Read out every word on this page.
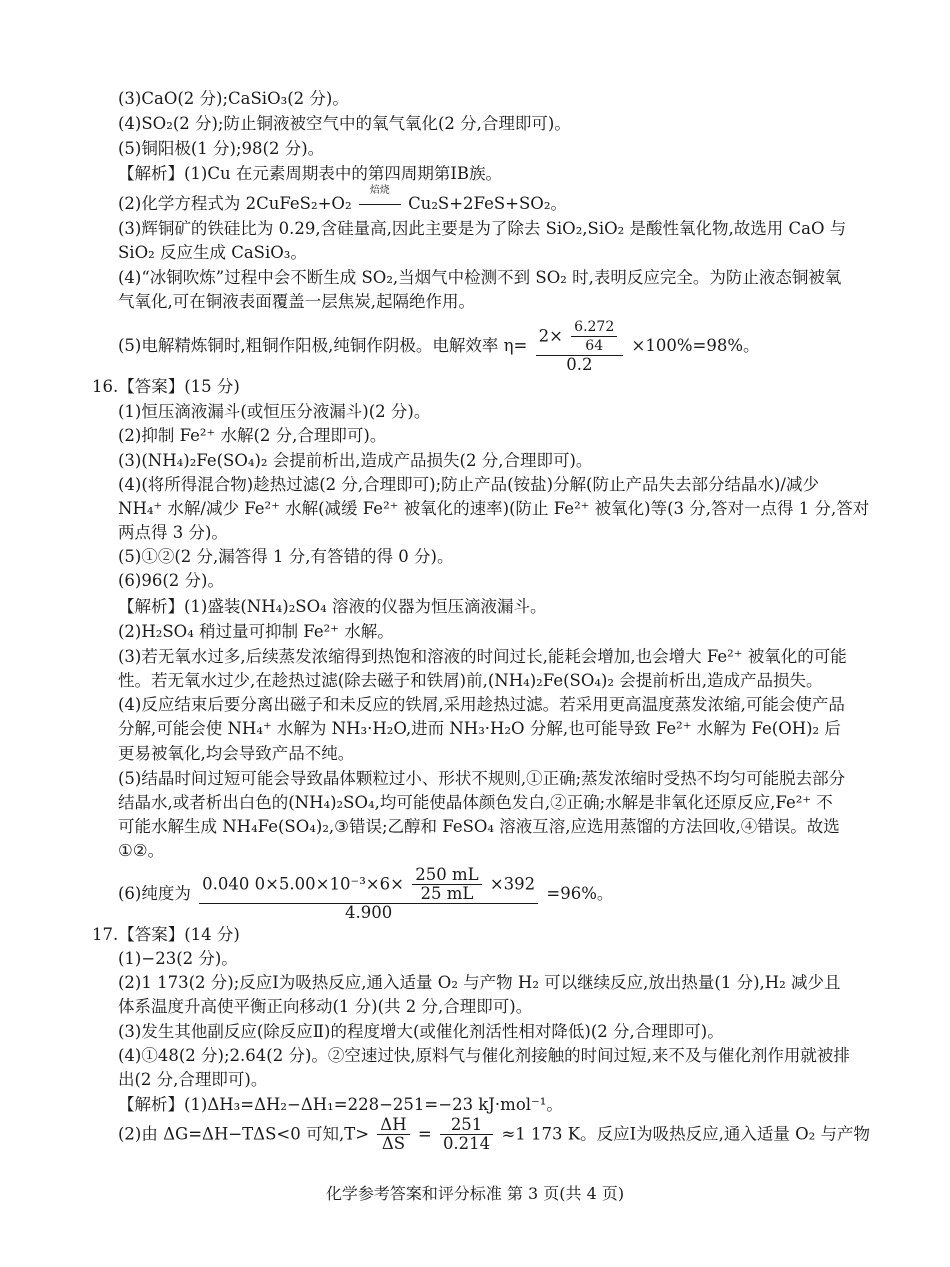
(3)CaO(2 分);CaSiO₃(2 分)。
(4)SO₂(2 分);防止铜液被空气中的氧气氧化(2 分,合理即可)。
(5)铜阳极(1 分);98(2 分)。
【解析】(1)Cu 在元素周期表中的第四周期第ⅠB族。
(2)化学方程式为 2CuFeS₂+O₂
焙烧
Cu₂S+2FeS+SO₂。
(3)辉铜矿的铁硅比为 0.29,含硅量高,因此主要是为了除去 SiO₂,SiO₂ 是酸性氧化物,故选用 CaO 与
SiO₂ 反应生成 CaSiO₃。
(4)“冰铜吹炼”过程中会不断生成 SO₂,当烟气中检测不到 SO₂ 时,表明反应完全。为防止液态铜被氧
气氧化,可在铜液表面覆盖一层焦炭,起隔绝作用。
(5)电解精炼铜时,粗铜作阳极,纯铜作阴极。电解效率 $\eta= \frac{2\times \frac{6.272}{64}}{0.2} \times 100\%=98\%$。
16.【答案】(15 分)
(1)恒压滴液漏斗(或恒压分液漏斗)(2 分)。
(2)抑制 Fe²⁺ 水解(2 分,合理即可)。
(3)(NH₄)₂Fe(SO₄)₂ 会提前析出,造成产品损失(2 分,合理即可)。
(4)(将所得混合物)趁热过滤(2 分,合理即可);防止产品(铵盐)分解(防止产品失去部分结晶水)/减少
NH₄⁺ 水解/减少 Fe²⁺ 水解(减缓 Fe²⁺ 被氧化的速率)(防止 Fe²⁺ 被氧化)等(3 分,答对一点得 1 分,答对
两点得 3 分)。
(5)①②(2 分,漏答得 1 分,有答错的得 0 分)。
(6)96(2 分)。
【解析】(1)盛装(NH₄)₂SO₄ 溶液的仪器为恒压滴液漏斗。
(2)H₂SO₄ 稍过量可抑制 Fe²⁺ 水解。
(3)若无氧水过多,后续蒸发浓缩得到热饱和溶液的时间过长,能耗会增加,也会增大 Fe²⁺ 被氧化的可能
性。若无氧水过少,在趁热过滤(除去磁子和铁屑)前,(NH₄)₂Fe(SO₄)₂ 会提前析出,造成产品损失。
(4)反应结束后要分离出磁子和未反应的铁屑,采用趁热过滤。若采用更高温度蒸发浓缩,可能会使产品
分解,可能会使 NH₄⁺ 水解为 NH₃·H₂O,进而 NH₃·H₂O 分解,也可能导致 Fe²⁺ 水解为 Fe(OH)₂ 后
更易被氧化,均会导致产品不纯。
(5)结晶时间过短可能会导致晶体颗粒过小、形状不规则,①正确;蒸发浓缩时受热不均匀可能脱去部分
结晶水,或者析出白色的(NH₄)₂SO₄,均可能使晶体颜色发白,②正确;水解是非氧化还原反应,Fe²⁺ 不
可能水解生成 NH₄Fe(SO₄)₂,③错误;乙醇和 FeSO₄ 溶液互溶,应选用蒸馏的方法回收,④错误。故选
①②。
(6)纯度为 0.040 $0\times 5.00\times 10^{-3}\times 6\times \frac{250 mL}{25 mL} \times 392$
4.900
=96%。
17.【答案】(14 分)
(1)−23(2 分)。
(2)1 173(2 分);反应Ⅰ为吸热反应,通入适量 O₂ 与产物 H₂ 可以继续反应,放出热量(1 分),H₂ 减少且
体系温度升高使平衡正向移动(1 分)(共 2 分,合理即可)。
(3)发生其他副反应(除反应Ⅱ)的程度增大(或催化剂活性相对降低)(2 分,合理即可)。
(4)①48(2 分);2.64(2 分)。②空速过快,原料气与催化剂接触的时间过短,来不及与催化剂作用就被排
出(2 分,合理即可)。
【解析】(1)ΔH₃=ΔH₂−ΔH₁=228−251=−23 kJ·mol⁻¹。
(2)由 ΔG=ΔH−TΔS<0 可知$,T> \frac{\Delta H}{\Delta S} = \frac{251}{0.214} \approx 1$ 173 K。反应Ⅰ为吸热反应,通入适量 O₂ 与产物
化学参考答案和评分标准 第 3 页(共 4 页)
